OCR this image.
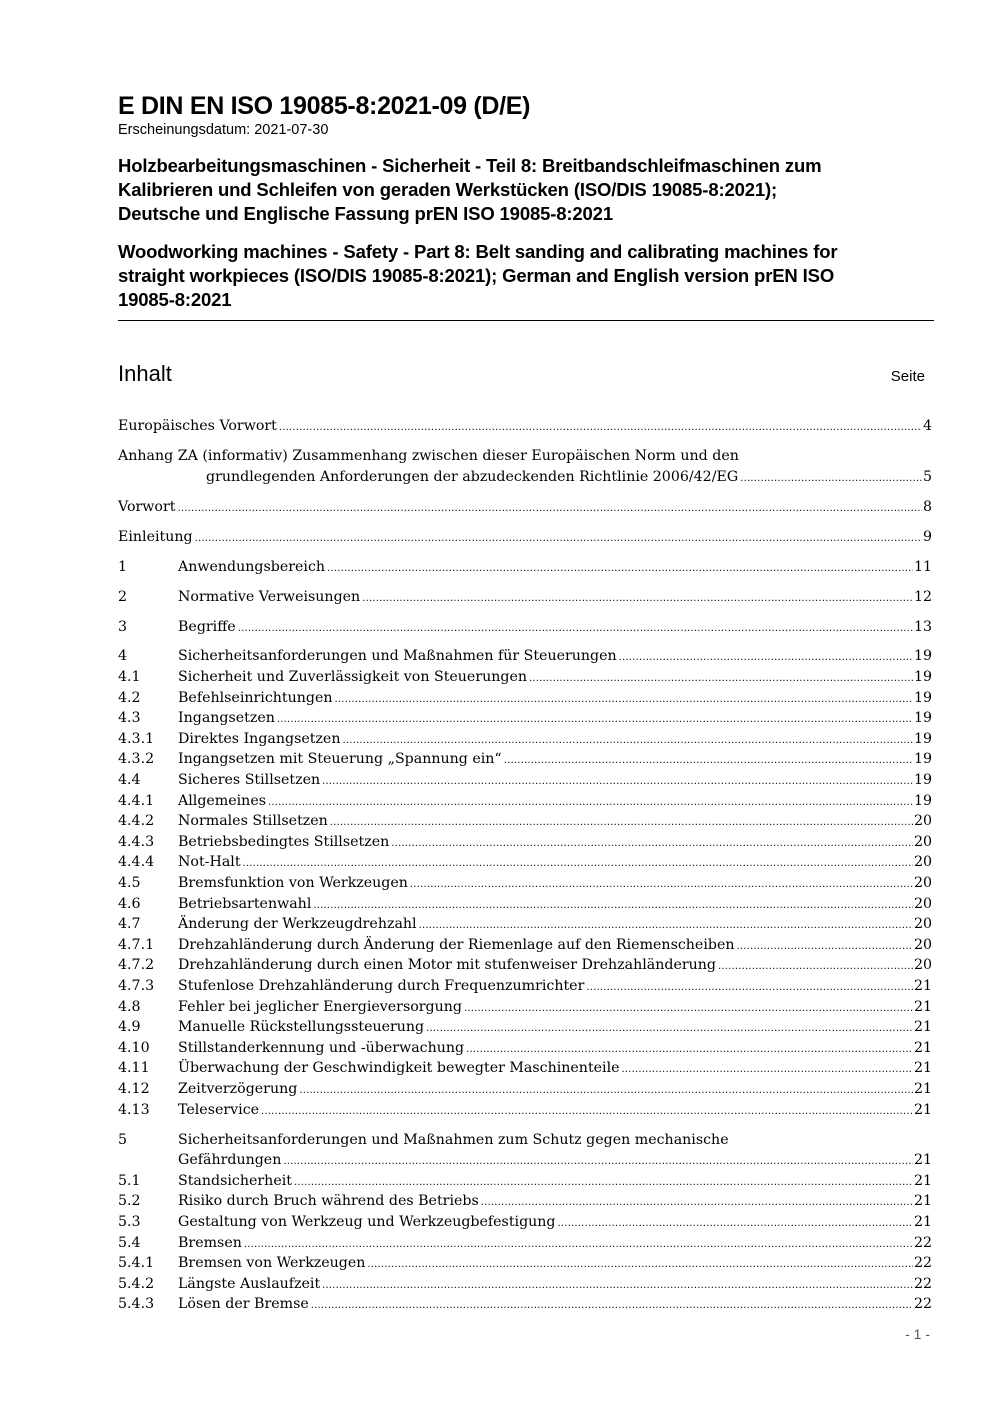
E DIN EN ISO 19085-8:2021-09 (D/E)

Erscheinungsdatum: 2021-07-30

Holzbearbeitungsmaschinen - Sicherheit - Teil 8: Breitbandschleifmaschinen zum
Kalibrieren und Schleifen von geraden Werkstücken (ISO/DIS 19085-8:2021);
Deutsche und Englische Fassung prEN ISO 19085-8:2021
Woodworking machines - Safety - Part 8: Belt sanding and calibrating machines for
straight workpieces (ISO/DIS 19085-8:2021); German and English version prEN ISO
19085-8:2021
Inhalt	Seite
Europäisches Vorwort .....	4
Anhang ZA (informativ) Zusammenhang zwischen dieser Europäischen Norm und den
grundlegenden Anforderungen der abzudeckenden Richtlinie 2006/42/EG .....	5
Vorwort .....	8
Einleitung .....	9
1	Anwendungsbereich .....	11
2	Normative Verweisungen .....	12
3	Begriffe .....	13
4	Sicherheitsanforderungen und Maßnahmen für Steuerungen .....	19
4.1	Sicherheit und Zuverlässigkeit von Steuerungen .....	19
4.2	Befehlseinrichtungen .....	19
4.3	Ingangsetzen .....	19
4.3.1 Direktes Ingangsetzen .....	19
4.3.2 Ingangsetzen mit Steuerung „Spannung ein“ .....	19
4.4	Sicheres Stillsetzen .....	19
4.4.1 Allgemeines .....	19
4.4.2 Normales Stillsetzen .....	20
4.4.3 Betriebsbedingtes Stillsetzen .....	20
4.4.4 Not-Halt .....	20
4.5	Bremsfunktion von Werkzeugen .....	20
4.6	Betriebsartenwahl .....	20
4.7	Änderung der Werkzeugdrehzahl .....	20
4.7.1 Drehzahländerung durch Änderung der Riemenlage auf den Riemenscheiben .....	20
4.7.2 Drehzahländerung durch einen Motor mit stufenweiser Drehzahländerung .....	20
4.7.3 Stufenlose Drehzahländerung durch Frequenzumrichter .....	21
4.8	Fehler bei jeglicher Energieversorgung .....	21
4.9	Manuelle Rückstellungssteuerung .....	21
4.10 Stillstanderkennung und -überwachung .....	21
4.11 Überwachung der Geschwindigkeit bewegter Maschinenteile .....	21
4.12 Zeitverzögerung .....	21
4.13 Teleservice .....	21
5	Sicherheitsanforderungen und Maßnahmen zum Schutz gegen mechanische
Gefährdungen .....	21
5.1	Standsicherheit .....	21
5.2	Risiko durch Bruch während des Betriebs .....	21
5.3	Gestaltung von Werkzeug und Werkzeugbefestigung .....	21
5.4	Bremsen .....	22
5.4.1 Bremsen von Werkzeugen .....	22
5.4.2 Längste Auslaufzeit .....	22
5.4.3 Lösen der Bremse .....	22
- 1 -
